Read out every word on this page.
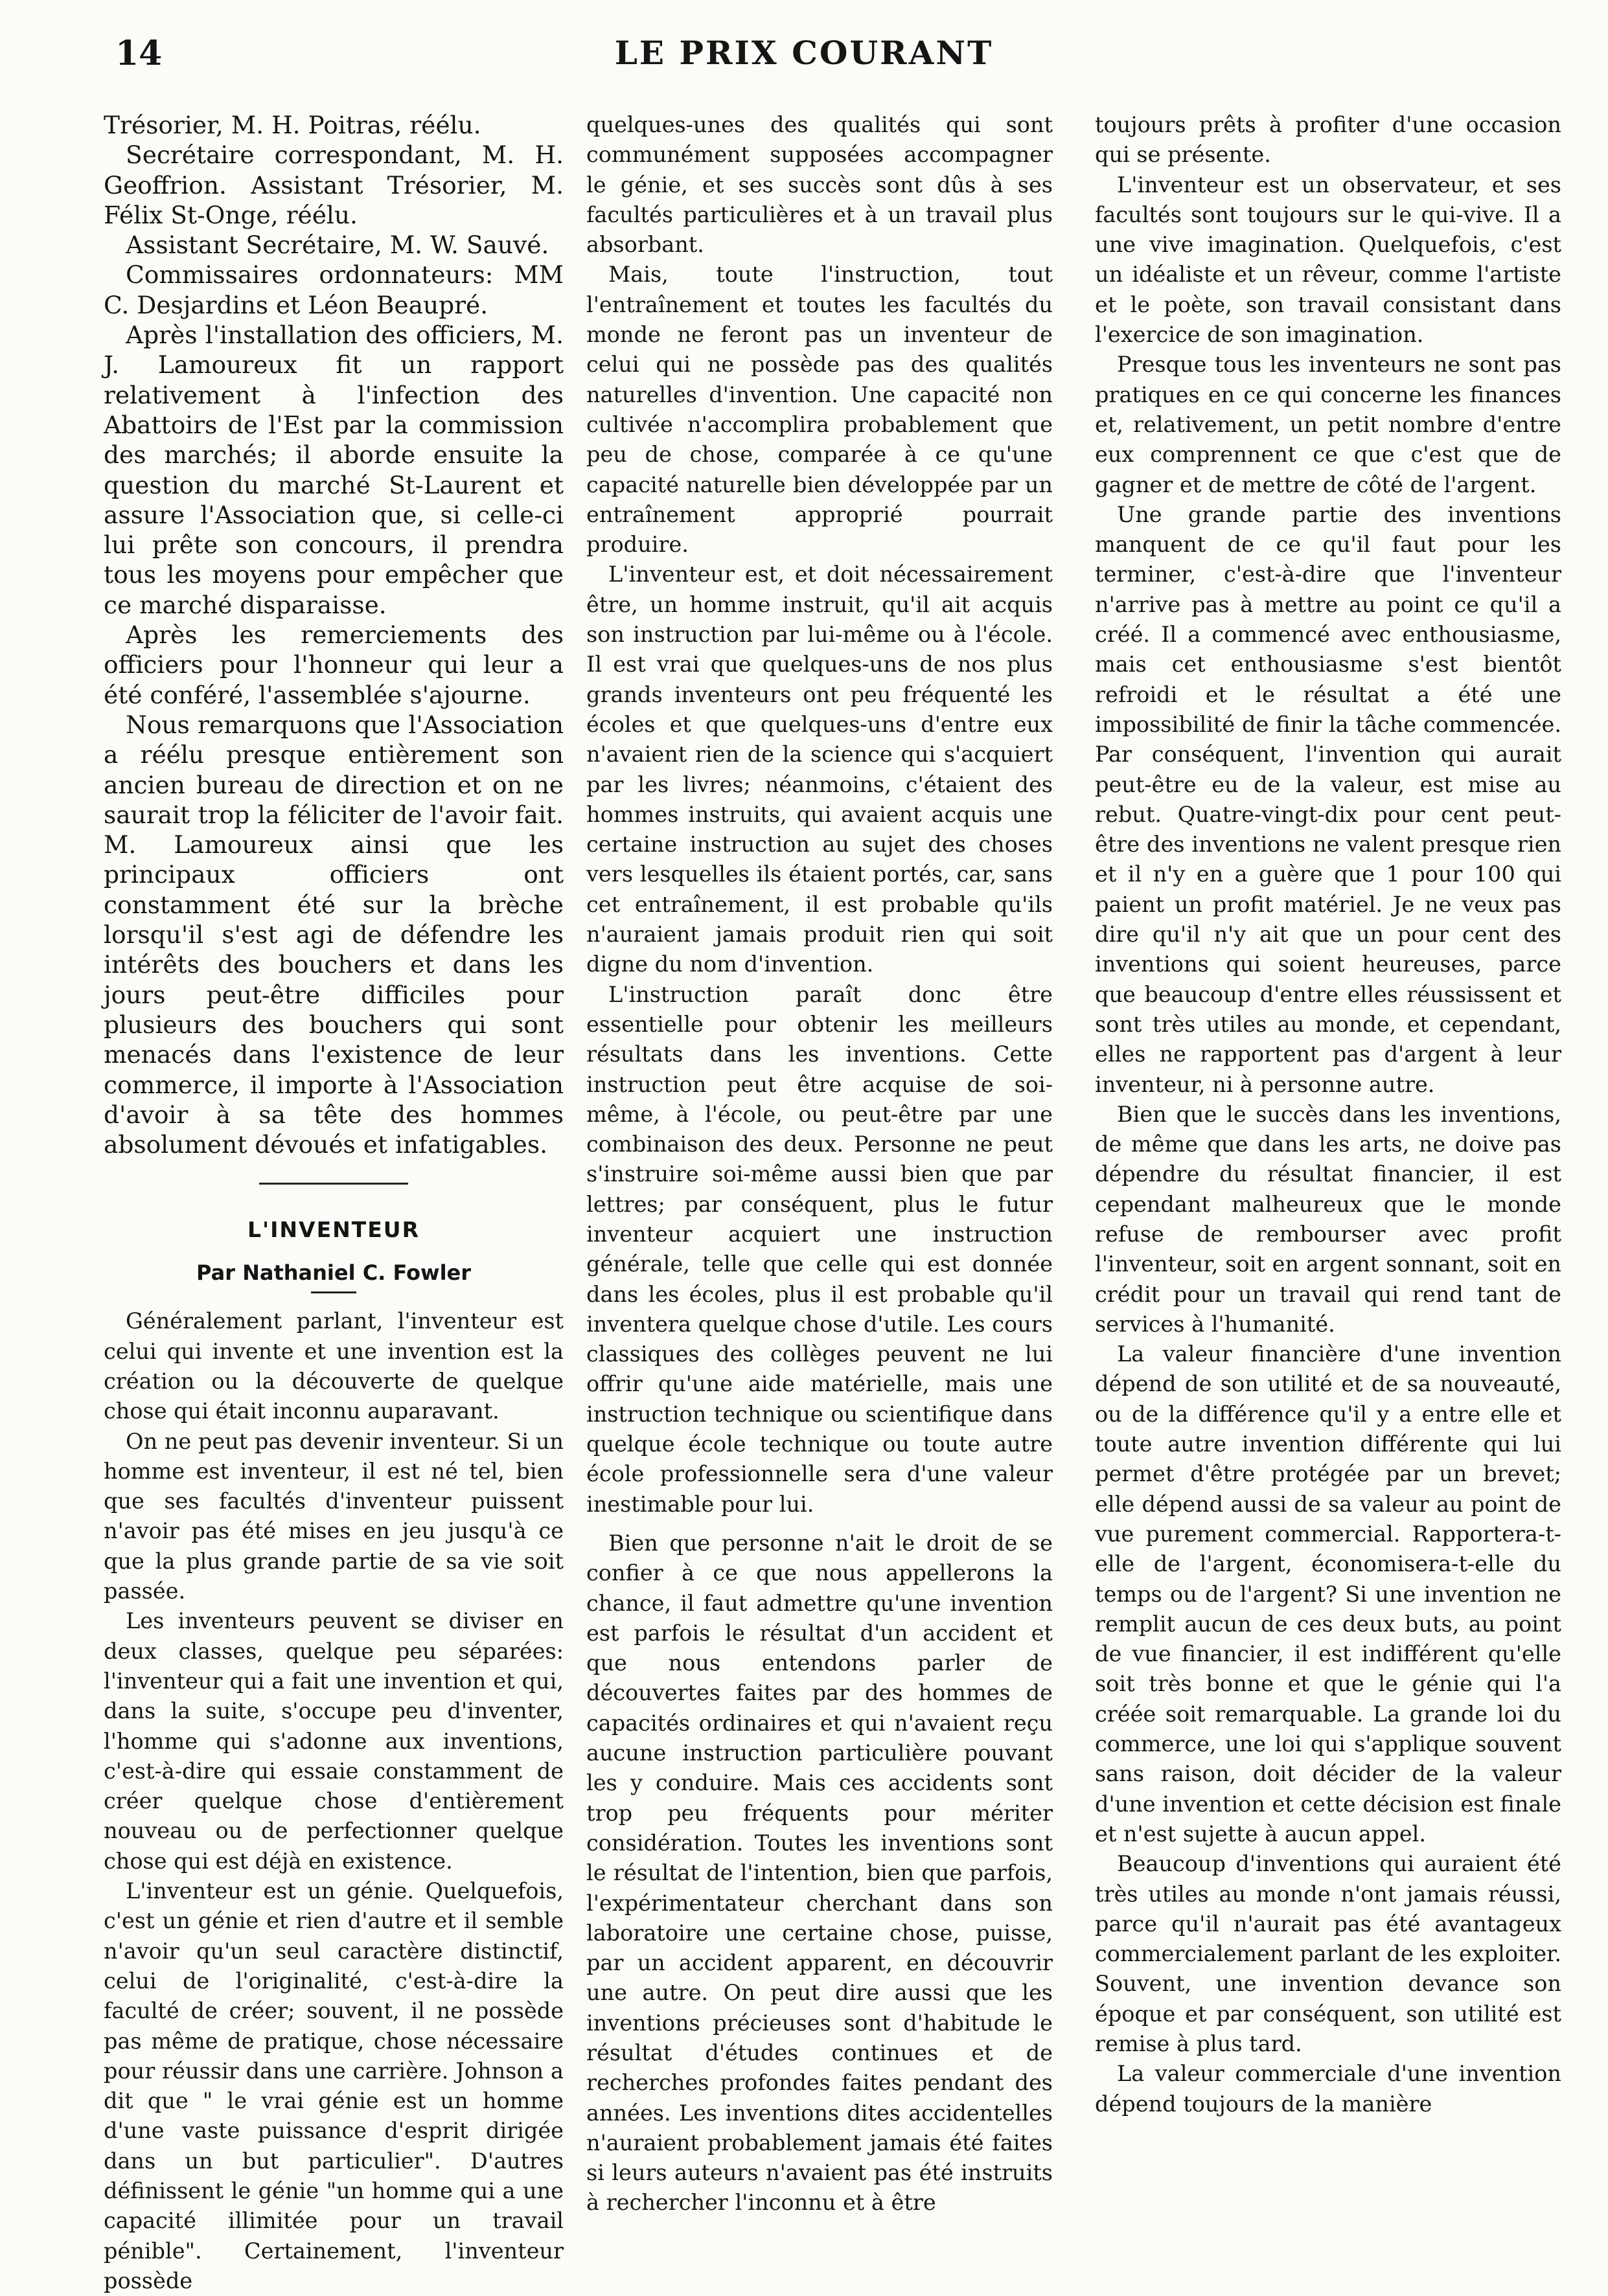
14	LE PRIX COURANT

Trésorier, M. H. Poitras, réélu.

Secrétaire correspondant, M. H. Geoffrion. Assistant Trésorier, M. Félix St-Onge, réélu.

Assistant Secrétaire, M. W. Sauvé.

Commissaires ordonnateurs: MM C. Desjardins et Léon Beaupré.

Après l'installation des officiers, M. J. Lamoureux fit un rapport relativement à l'infection des Abattoirs de l'Est par la commission des marchés; il aborde ensuite la question du marché St-Laurent et assure l'Association que, si celle-ci lui prête son concours, il prendra tous les moyens pour empêcher que ce marché disparaisse.

Après les remerciements des officiers pour l'honneur qui leur a été conféré, l'assemblée s'ajourne.

Nous remarquons que l'Association a réélu presque entièrement son ancien bureau de direction et on ne saurait trop la féliciter de l'avoir fait. M. Lamoureux ainsi que les principaux officiers ont constamment été sur la brèche lorsqu'il s'est agi de défendre les intérêts des bouchers et dans les jours peut-être difficiles pour plusieurs des bouchers qui sont menacés dans l'existence de leur commerce, il importe à l'Association d'avoir à sa tête des hommes absolument dévoués et infatigables.

L'INVENTEUR
Par Nathaniel C. Fowler

Généralement parlant, l'inventeur est celui qui invente et une invention est la création ou la découverte de quelque chose qui était inconnu auparavant.

On ne peut pas devenir inventeur. Si un homme est inventeur, il est né tel, bien que ses facultés d'inventeur puissent n'avoir pas été mises en jeu jusqu'à ce que la plus grande partie de sa vie soit passée.

Les inventeurs peuvent se diviser en deux classes, quelque peu séparées: l'inventeur qui a fait une invention et qui, dans la suite, s'occupe peu d'inventer, l'homme qui s'adonne aux inventions, c'est-à-dire qui essaie constamment de créer quelque chose d'entièrement nouveau ou de perfectionner quelque chose qui est déjà en existence.

L'inventeur est un génie. Quelquefois, c'est un génie et rien d'autre et il semble n'avoir qu'un seul caractère distinctif, celui de l'originalité, c'est-à-dire la faculté de créer; souvent, il ne possède pas même de pratique, chose nécessaire pour réussir dans une carrière. Johnson a dit que " le vrai génie est un homme d'une vaste puissance d'esprit dirigée dans un but particulier". D'autres définissent le génie "un homme qui a une capacité illimitée pour un travail pénible". Certainement, l'inventeur possède

quelques-unes des qualités qui sont communément supposées accompagner le génie, et ses succès sont dûs à ses facultés particulières et à un travail plus absorbant.

Mais, toute l'instruction, tout l'entraînement et toutes les facultés du monde ne feront pas un inventeur de celui qui ne possède pas des qualités naturelles d'invention. Une capacité non cultivée n'accomplira probablement que peu de chose, comparée à ce qu'une capacité naturelle bien développée par un entraînement approprié pourrait produire.

L'inventeur est, et doit nécessairement être, un homme instruit, qu'il ait acquis son instruction par lui-même ou à l'école. Il est vrai que quelques-uns de nos plus grands inventeurs ont peu fréquenté les écoles et que quelques-uns d'entre eux n'avaient rien de la science qui s'acquiert par les livres; néanmoins, c'étaient des hommes instruits, qui avaient acquis une certaine instruction au sujet des choses vers lesquelles ils étaient portés, car, sans cet entraînement, il est probable qu'ils n'auraient jamais produit rien qui soit digne du nom d'invention.

L'instruction paraît donc être essentielle pour obtenir les meilleurs résultats dans les inventions. Cette instruction peut être acquise de soi-même, à l'école, ou peut-être par une combinaison des deux. Personne ne peut s'instruire soi-même aussi bien que par lettres; par conséquent, plus le futur inventeur acquiert une instruction générale, telle que celle qui est donnée dans les écoles, plus il est probable qu'il inventera quelque chose d'utile. Les cours classiques des collèges peuvent ne lui offrir qu'une aide matérielle, mais une instruction technique ou scientifique dans quelque école technique ou toute autre école professionnelle sera d'une valeur inestimable pour lui.

Bien que personne n'ait le droit de se confier à ce que nous appellerons la chance, il faut admettre qu'une invention est parfois le résultat d'un accident et que nous entendons parler de découvertes faites par des hommes de capacités ordinaires et qui n'avaient reçu aucune instruction particulière pouvant les y conduire. Mais ces accidents sont trop peu fréquents pour mériter considération. Toutes les inventions sont le résultat de l'intention, bien que parfois, l'expérimentateur cherchant dans son laboratoire une certaine chose, puisse, par un accident apparent, en découvrir une autre. On peut dire aussi que les inventions précieuses sont d'habitude le résultat d'études continues et de recherches profondes faites pendant des années. Les inventions dites accidentelles n'auraient probablement jamais été faites si leurs auteurs n'avaient pas été instruits à rechercher l'inconnu et à être

toujours prêts à profiter d'une occasion qui se présente.

L'inventeur est un observateur, et ses facultés sont toujours sur le qui-vive. Il a une vive imagination. Quelquefois, c'est un idéaliste et un rêveur, comme l'artiste et le poète, son travail consistant dans l'exercice de son imagination.

Presque tous les inventeurs ne sont pas pratiques en ce qui concerne les finances et, relativement, un petit nombre d'entre eux comprennent ce que c'est que de gagner et de mettre de côté de l'argent.

Une grande partie des inventions manquent de ce qu'il faut pour les terminer, c'est-à-dire que l'inventeur n'arrive pas à mettre au point ce qu'il a créé. Il a commencé avec enthousiasme, mais cet enthousiasme s'est bientôt refroidi et le résultat a été une impossibilité de finir la tâche commencée. Par conséquent, l'invention qui aurait peut-être eu de la valeur, est mise au rebut. Quatre-vingt-dix pour cent peut-être des inventions ne valent presque rien et il n'y en a guère que 1 pour 100 qui paient un profit matériel. Je ne veux pas dire qu'il n'y ait que un pour cent des inventions qui soient heureuses, parce que beaucoup d'entre elles réussissent et sont très utiles au monde, et cependant, elles ne rapportent pas d'argent à leur inventeur, ni à personne autre.

Bien que le succès dans les inventions, de même que dans les arts, ne doive pas dépendre du résultat financier, il est cependant malheureux que le monde refuse de rembourser avec profit l'inventeur, soit en argent sonnant, soit en crédit pour un travail qui rend tant de services à l'humanité.

La valeur financière d'une invention dépend de son utilité et de sa nouveauté, ou de la différence qu'il y a entre elle et toute autre invention différente qui lui permet d'être protégée par un brevet; elle dépend aussi de sa valeur au point de vue purement commercial. Rapportera-t-elle de l'argent, économisera-t-elle du temps ou de l'argent? Si une invention ne remplit aucun de ces deux buts, au point de vue financier, il est indifférent qu'elle soit très bonne et que le génie qui l'a créée soit remarquable. La grande loi du commerce, une loi qui s'applique souvent sans raison, doit décider de la valeur d'une invention et cette décision est finale et n'est sujette à aucun appel.

Beaucoup d'inventions qui auraient été très utiles au monde n'ont jamais réussi, parce qu'il n'aurait pas été avantageux commercialement parlant de les exploiter. Souvent, une invention devance son époque et par conséquent, son utilité est remise à plus tard.

La valeur commerciale d'une invention dépend toujours de la manière
